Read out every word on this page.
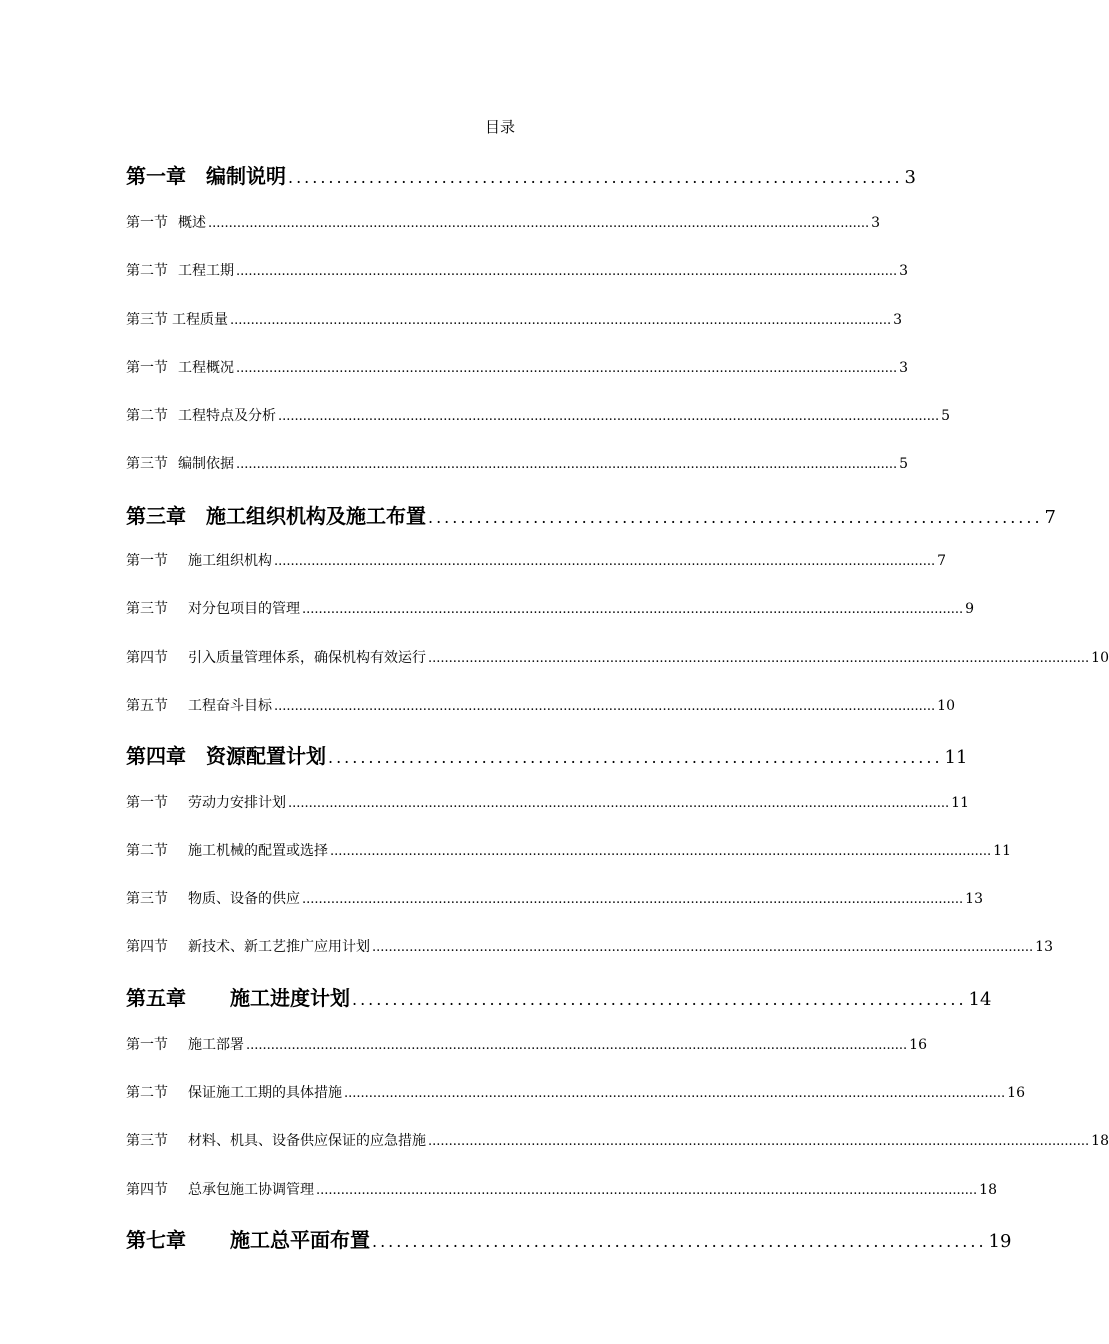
目录
第一章 编制说明 ............................................................................ 3
第一节 概述 ................................................................................................................................................................ 3
第二节 工程工期 ................................................................................................................................................................ 3
第三节 工程质量 ................................................................................................................................................................ 3
第一节 工程概况 ................................................................................................................................................................ 3
第二节 工程特点及分析 ................................................................................................................................................................ 5
第三节 编制依据 ................................................................................................................................................................ 5
第三章 施工组织机构及施工布置 ............................................................................ 7
第一节 施工组织机构 ................................................................................................................................................................ 7
第三节 对分包项目的管理 ................................................................................................................................................................ 9
第四节 引入质量管理体系，确保机构有效运行 ................................................................................................................................................................ 10
第五节 工程奋斗目标 ................................................................................................................................................................ 10
第四章 资源配置计划 ............................................................................ 11
第一节 劳动力安排计划 ................................................................................................................................................................ 11
第二节 施工机械的配置或选择 ................................................................................................................................................................ 11
第三节 物质、设备的供应 ................................................................................................................................................................ 13
第四节 新技术、新工艺推广应用计划 ................................................................................................................................................................ 13
第五章 施工进度计划 ............................................................................ 14
第一节 施工部署 ................................................................................................................................................................ 16
第二节 保证施工工期的具体措施 ................................................................................................................................................................ 16
第三节 材料、机具、设备供应保证的应急措施 ................................................................................................................................................................ 18
第四节 总承包施工协调管理 ................................................................................................................................................................ 18
第七章 施工总平面布置 ............................................................................ 19
